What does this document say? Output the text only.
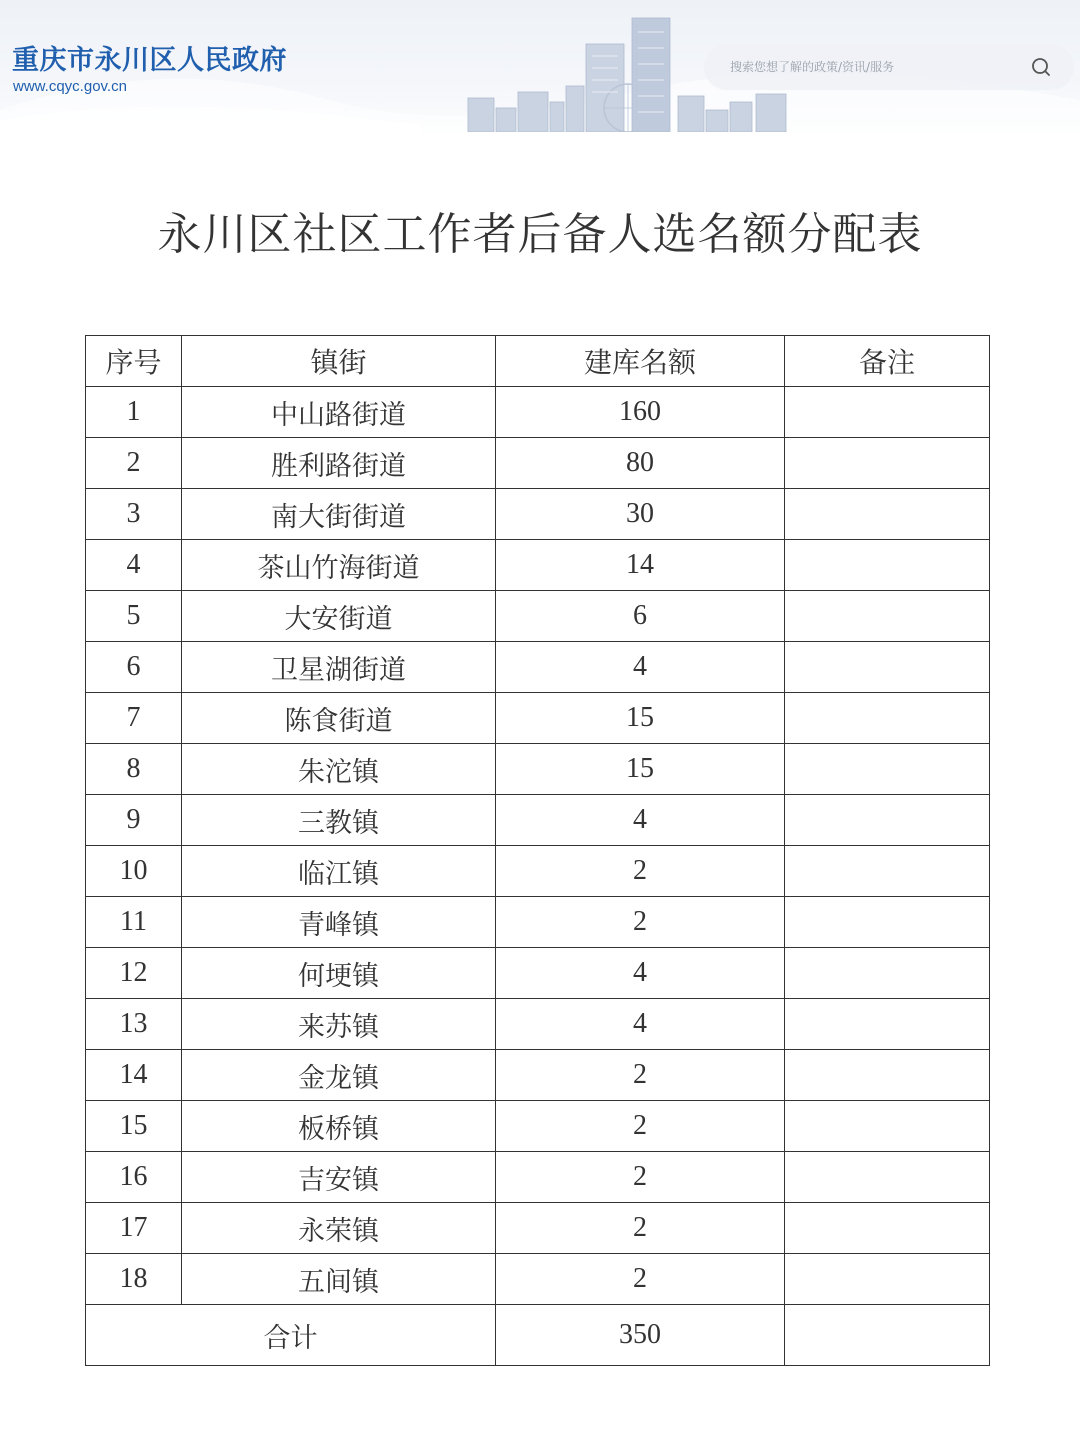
重庆市永川区人民政府
www.cqyc.gov.cn
搜索您想了解的政策/资讯/服务
永川区社区工作者后备人选名额分配表
序号	镇街	建库名额	备注
1	中山路街道	160	
2	胜利路街道	80	
3	南大街街道	30	
4	茶山竹海街道	14	
5	大安街道	6	
6	卫星湖街道	4	
7	陈食街道	15	
8	朱沱镇	15	
9	三教镇	4	
10	临江镇	2	
11	青峰镇	2	
12	何埂镇	4	
13	来苏镇	4	
14	金龙镇	2	
15	板桥镇	2	
16	吉安镇	2	
17	永荣镇	2	
18	五间镇	2	
合计		350	
